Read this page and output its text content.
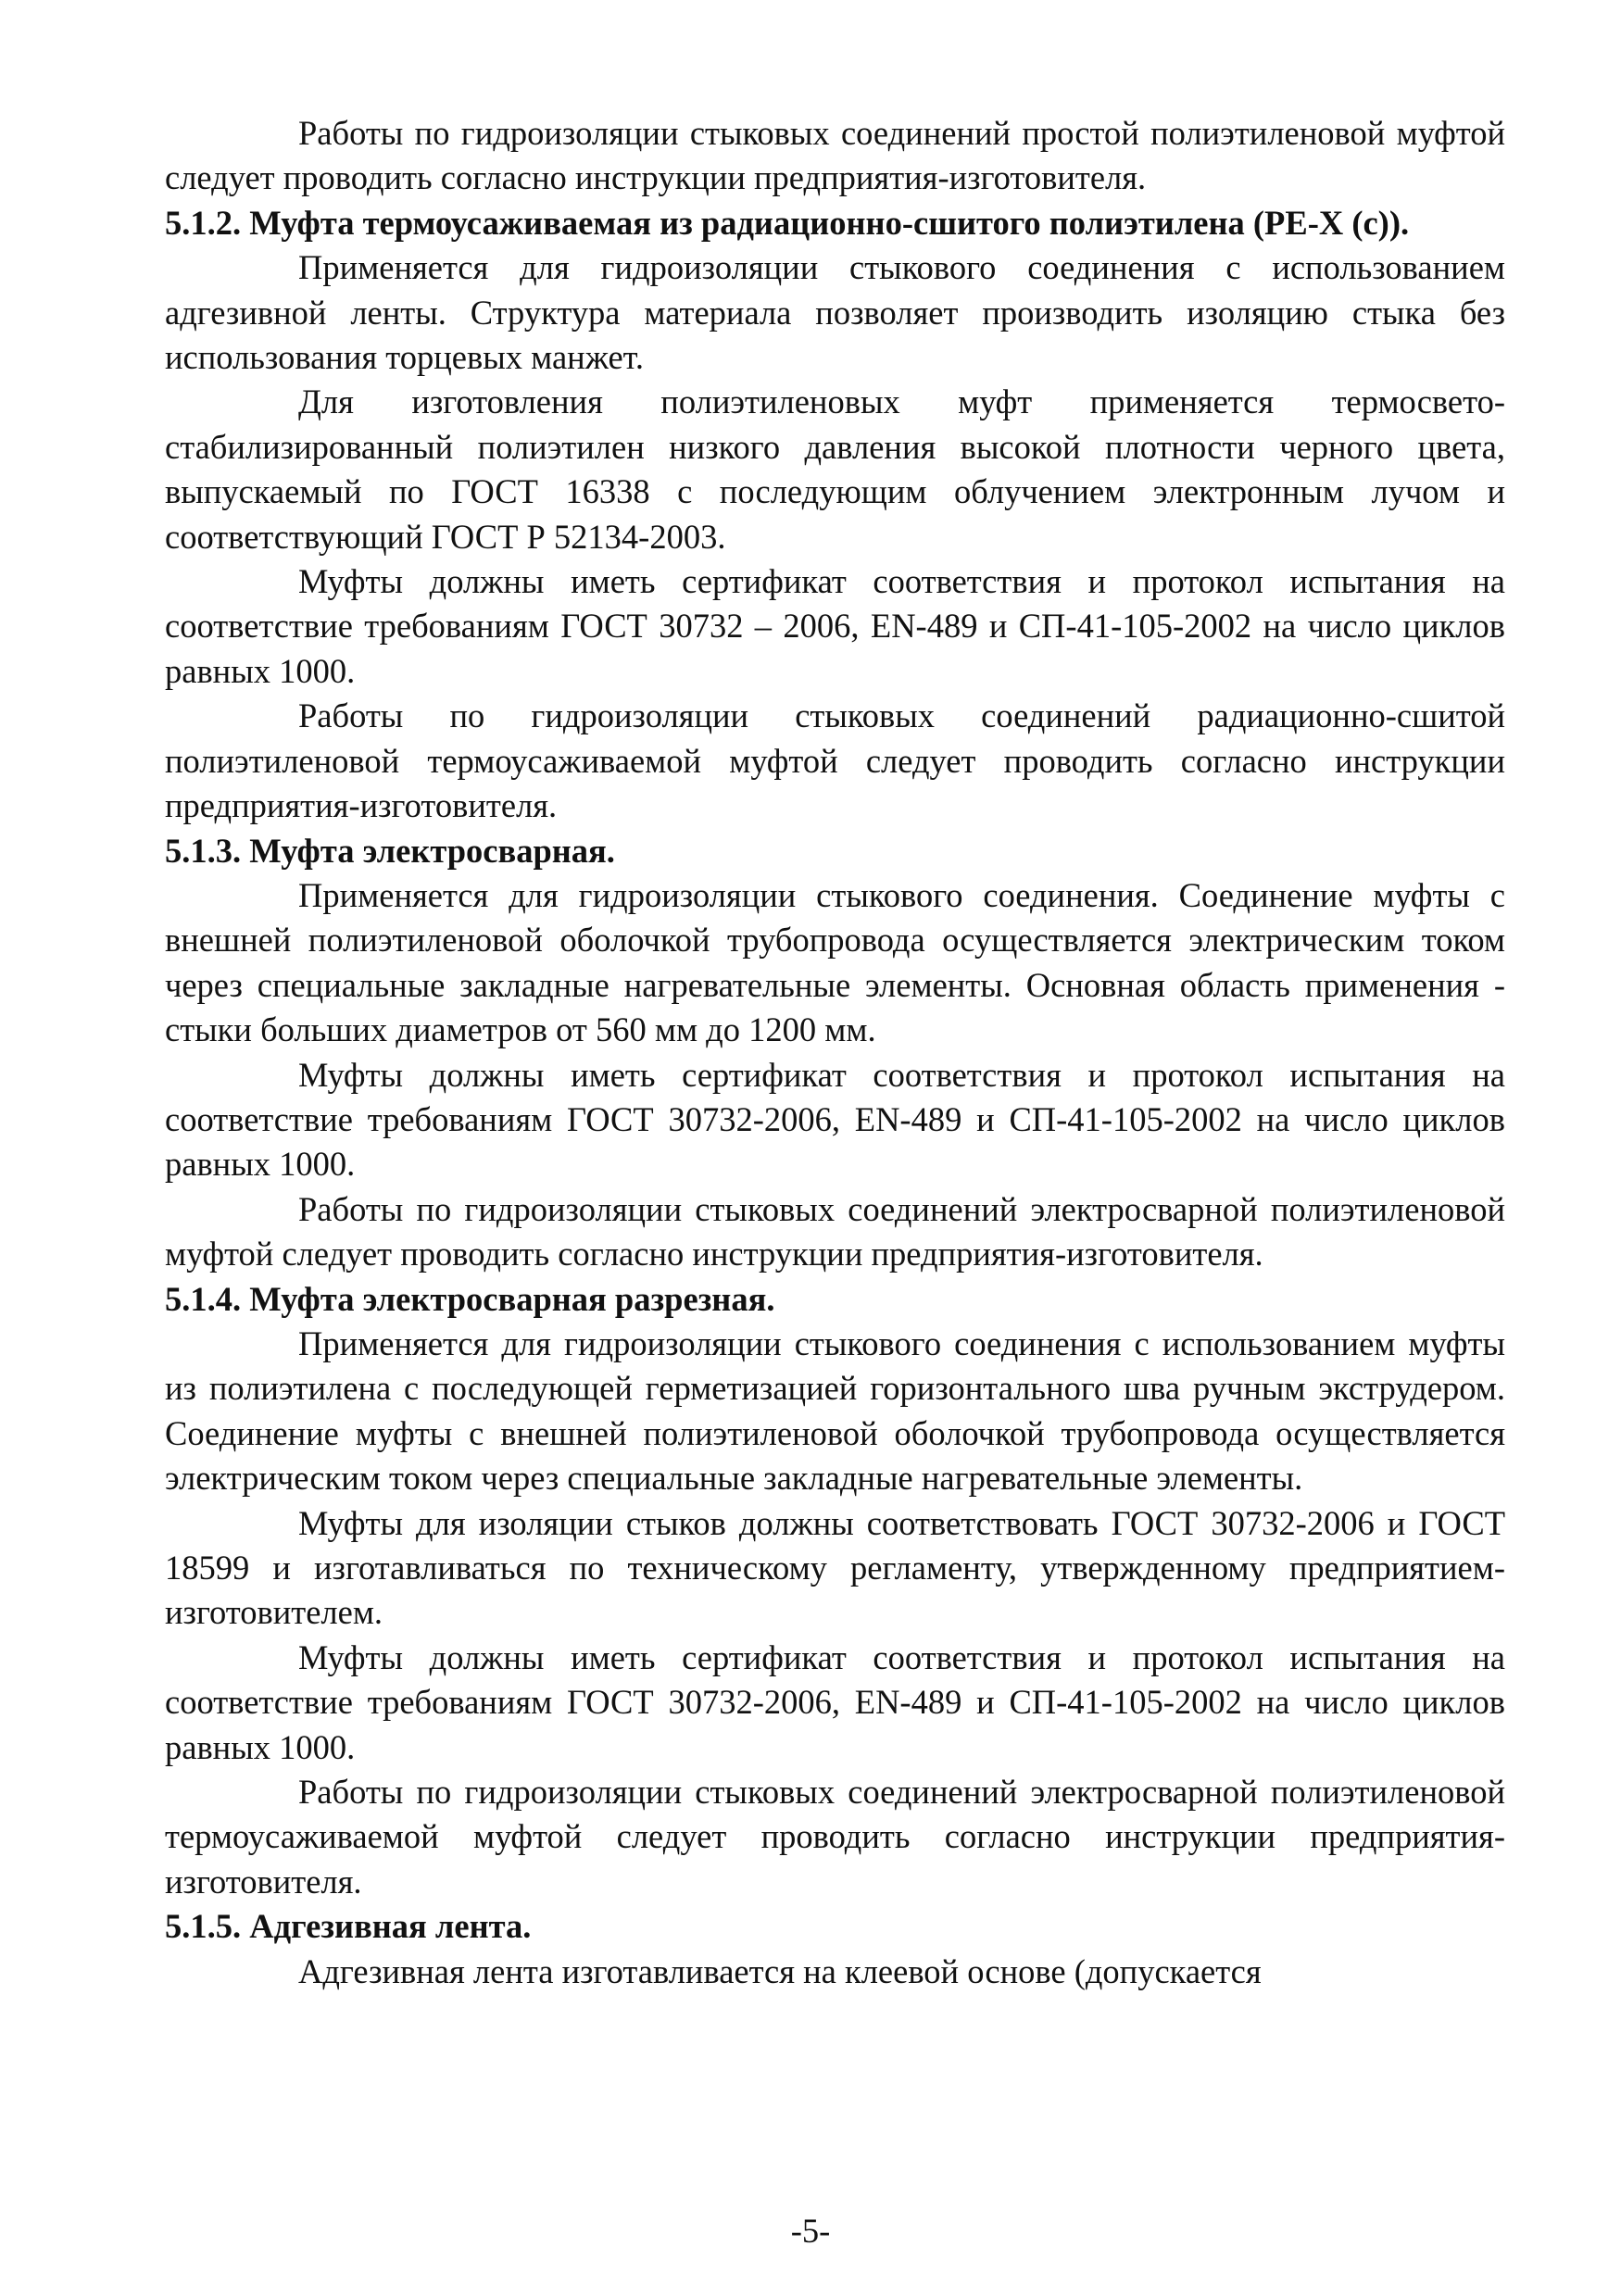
Работы по гидроизоляции стыковых соединений простой полиэтиленовой муфтой следует проводить согласно инструкции предприятия-изготовителя.

5.1.2. Муфта термоусаживаемая из радиационно-сшитого полиэтилена (PE-X (c)).

Применяется для гидроизоляции стыкового соединения с использованием адгезивной ленты. Структура материала позволяет производить изоляцию стыка без использования торцевых манжет.

Для изготовления полиэтиленовых муфт применяется термосвето-стабилизированный полиэтилен низкого давления высокой плотности черного цвета, выпускаемый по ГОСТ 16338 с последующим облучением электронным лучом и соответствующий ГОСТ Р 52134-2003.

Муфты должны иметь сертификат соответствия и протокол испытания на соответствие требованиям ГОСТ 30732 – 2006, EN-489 и СП-41-105-2002 на число циклов равных 1000.

Работы по гидроизоляции стыковых соединений радиационно-сшитой полиэтиленовой термоусаживаемой муфтой следует проводить согласно инструкции предприятия-изготовителя.

5.1.3. Муфта электросварная.

Применяется для гидроизоляции стыкового соединения. Соединение муфты с внешней полиэтиленовой оболочкой трубопровода осуществляется электрическим током через специальные закладные нагревательные элементы. Основная область применения - стыки больших диаметров от 560 мм до 1200 мм.

Муфты должны иметь сертификат соответствия и протокол испытания на соответствие требованиям ГОСТ 30732-2006, EN-489 и СП-41-105-2002 на число циклов равных 1000.

Работы по гидроизоляции стыковых соединений электросварной полиэтиленовой муфтой следует проводить согласно инструкции предприятия-изготовителя.

5.1.4. Муфта электросварная разрезная.

Применяется для гидроизоляции стыкового соединения с использованием муфты из полиэтилена с последующей герметизацией горизонтального шва ручным экструдером. Соединение муфты с внешней полиэтиленовой оболочкой трубопровода осуществляется электрическим током через специальные закладные нагревательные элементы.

Муфты для изоляции стыков должны соответствовать ГОСТ 30732-2006 и ГОСТ 18599 и изготавливаться по техническому регламенту, утвержденному предприятием-изготовителем.

Муфты должны иметь сертификат соответствия и протокол испытания на соответствие требованиям ГОСТ 30732-2006, EN-489 и СП-41-105-2002 на число циклов равных 1000.

Работы по гидроизоляции стыковых соединений электросварной полиэтиленовой термоусаживаемой муфтой следует проводить согласно инструкции предприятия-изготовителя.

5.1.5. Адгезивная лента.

Адгезивная лента изготавливается на клеевой основе (допускается

-5-
